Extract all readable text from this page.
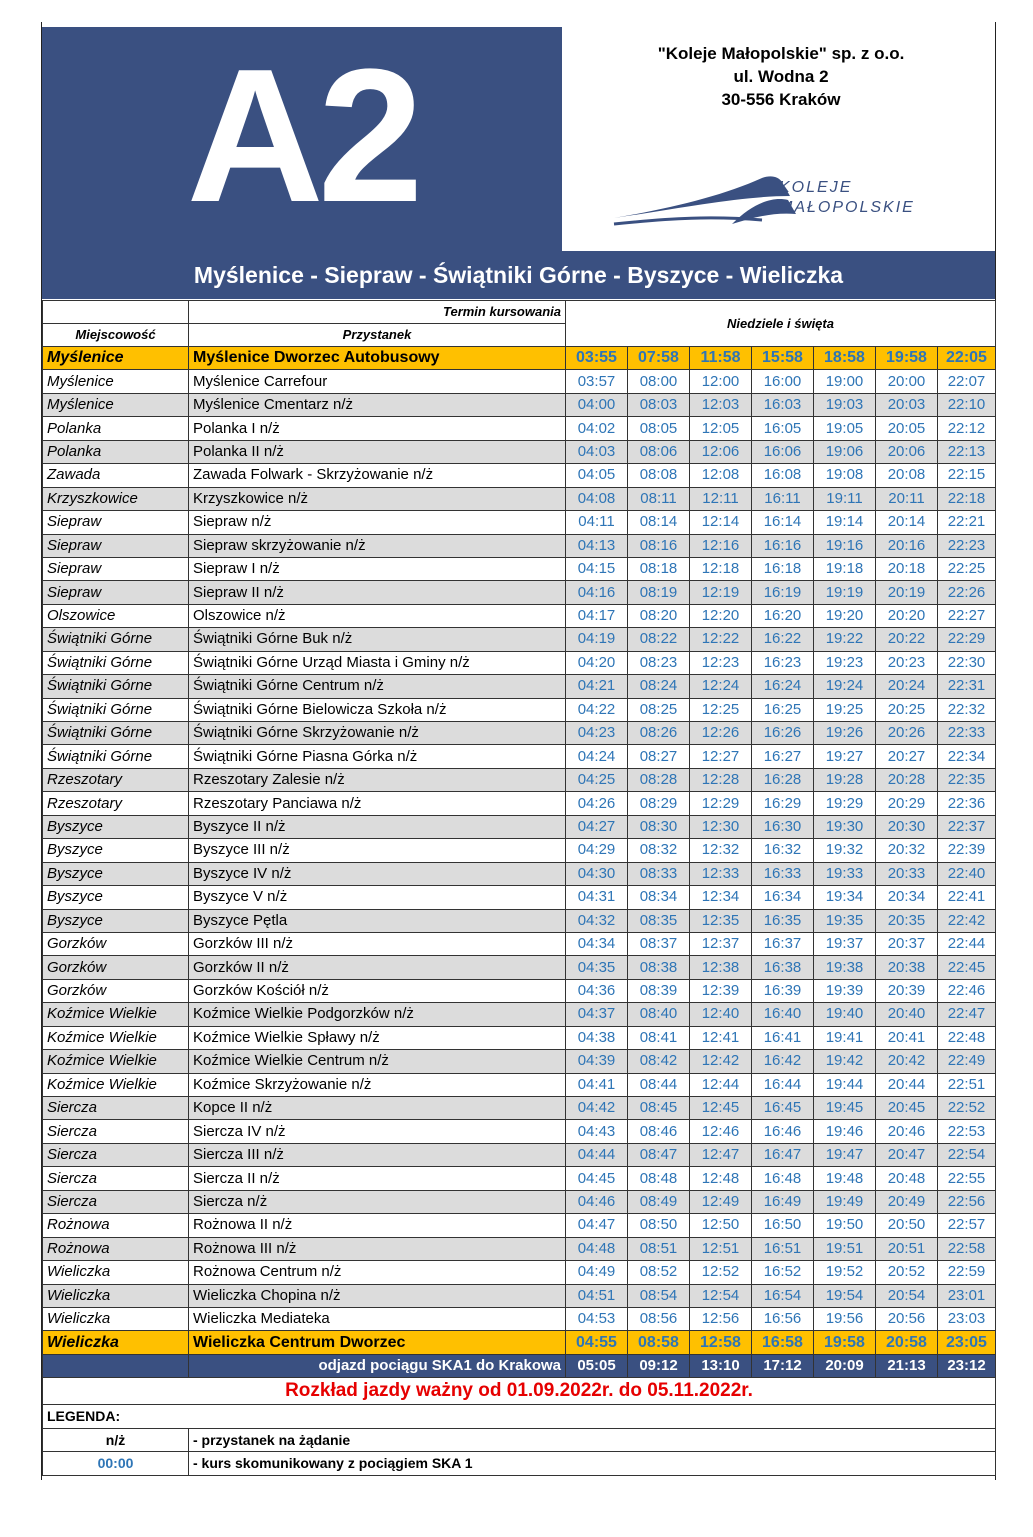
A2	"Koleje Małopolskie" sp. z o.o.
ul. Wodna 2
30-556 Kraków
KOLEJE
MAŁOPOLSKIE
Myślenice - Siepraw - Świątniki Górne - Byszyce - Wieliczka
	Termin kursowania	Niedziele i święta						
Miejscowość	Przystanek							
Myślenice	Myślenice Dworzec Autobusowy	03:55	07:58	11:58	15:58	18:58	19:58	22:05
Myślenice	Myślenice Carrefour	03:57	08:00	12:00	16:00	19:00	20:00	22:07
Myślenice	Myślenice Cmentarz n/ż	04:00	08:03	12:03	16:03	19:03	20:03	22:10
Polanka	Polanka I n/ż	04:02	08:05	12:05	16:05	19:05	20:05	22:12
Polanka	Polanka II n/ż	04:03	08:06	12:06	16:06	19:06	20:06	22:13
Zawada	Zawada Folwark - Skrzyżowanie n/ż	04:05	08:08	12:08	16:08	19:08	20:08	22:15
Krzyszkowice	Krzyszkowice n/ż	04:08	08:11	12:11	16:11	19:11	20:11	22:18
Siepraw	Siepraw n/ż	04:11	08:14	12:14	16:14	19:14	20:14	22:21
Siepraw	Siepraw skrzyżowanie n/ż	04:13	08:16	12:16	16:16	19:16	20:16	22:23
Siepraw	Siepraw I n/ż	04:15	08:18	12:18	16:18	19:18	20:18	22:25
Siepraw	Siepraw II n/ż	04:16	08:19	12:19	16:19	19:19	20:19	22:26
Olszowice	Olszowice n/ż	04:17	08:20	12:20	16:20	19:20	20:20	22:27
Świątniki Górne	Świątniki Górne Buk n/ż	04:19	08:22	12:22	16:22	19:22	20:22	22:29
Świątniki Górne	Świątniki Górne Urząd Miasta i Gminy n/ż	04:20	08:23	12:23	16:23	19:23	20:23	22:30
Świątniki Górne	Świątniki Górne Centrum n/ż	04:21	08:24	12:24	16:24	19:24	20:24	22:31
Świątniki Górne	Świątniki Górne Bielowicza Szkoła n/ż	04:22	08:25	12:25	16:25	19:25	20:25	22:32
Świątniki Górne	Świątniki Górne Skrzyżowanie n/ż	04:23	08:26	12:26	16:26	19:26	20:26	22:33
Świątniki Górne	Świątniki Górne Piasna Górka n/ż	04:24	08:27	12:27	16:27	19:27	20:27	22:34
Rzeszotary	Rzeszotary Zalesie n/ż	04:25	08:28	12:28	16:28	19:28	20:28	22:35
Rzeszotary	Rzeszotary Panciawa n/ż	04:26	08:29	12:29	16:29	19:29	20:29	22:36
Byszyce	Byszyce II n/ż	04:27	08:30	12:30	16:30	19:30	20:30	22:37
Byszyce	Byszyce III n/ż	04:29	08:32	12:32	16:32	19:32	20:32	22:39
Byszyce	Byszyce IV n/ż	04:30	08:33	12:33	16:33	19:33	20:33	22:40
Byszyce	Byszyce V n/ż	04:31	08:34	12:34	16:34	19:34	20:34	22:41
Byszyce	Byszyce Pętla	04:32	08:35	12:35	16:35	19:35	20:35	22:42
Gorzków	Gorzków III n/ż	04:34	08:37	12:37	16:37	19:37	20:37	22:44
Gorzków	Gorzków II n/ż	04:35	08:38	12:38	16:38	19:38	20:38	22:45
Gorzków	Gorzków Kościół n/ż	04:36	08:39	12:39	16:39	19:39	20:39	22:46
Koźmice Wielkie	Koźmice Wielkie Podgorzków n/ż	04:37	08:40	12:40	16:40	19:40	20:40	22:47
Koźmice Wielkie	Koźmice Wielkie Spławy n/ż	04:38	08:41	12:41	16:41	19:41	20:41	22:48
Koźmice Wielkie	Koźmice Wielkie Centrum n/ż	04:39	08:42	12:42	16:42	19:42	20:42	22:49
Koźmice Wielkie	Koźmice Skrzyżowanie n/ż	04:41	08:44	12:44	16:44	19:44	20:44	22:51
Siercza	Kopce II n/ż	04:42	08:45	12:45	16:45	19:45	20:45	22:52
Siercza	Siercza IV n/ż	04:43	08:46	12:46	16:46	19:46	20:46	22:53
Siercza	Siercza III n/ż	04:44	08:47	12:47	16:47	19:47	20:47	22:54
Siercza	Siercza II n/ż	04:45	08:48	12:48	16:48	19:48	20:48	22:55
Siercza	Siercza n/ż	04:46	08:49	12:49	16:49	19:49	20:49	22:56
Rożnowa	Rożnowa II n/ż	04:47	08:50	12:50	16:50	19:50	20:50	22:57
Rożnowa	Rożnowa III n/ż	04:48	08:51	12:51	16:51	19:51	20:51	22:58
Wieliczka	Rożnowa Centrum n/ż	04:49	08:52	12:52	16:52	19:52	20:52	22:59
Wieliczka	Wieliczka Chopina n/ż	04:51	08:54	12:54	16:54	19:54	20:54	23:01
Wieliczka	Wieliczka Mediateka	04:53	08:56	12:56	16:56	19:56	20:56	23:03
Wieliczka	Wieliczka Centrum Dworzec	04:55	08:58	12:58	16:58	19:58	20:58	23:05
	odjazd pociągu SKA1 do Krakowa	05:05	09:12	13:10	17:12	20:09	21:13	23:12
Rozkład jazdy ważny od 01.09.2022r. do 05.11.2022r.								
LEGENDA:								
n/ż	- przystanek na żądanie							
00:00	- kurs skomunikowany z pociągiem SKA 1							
